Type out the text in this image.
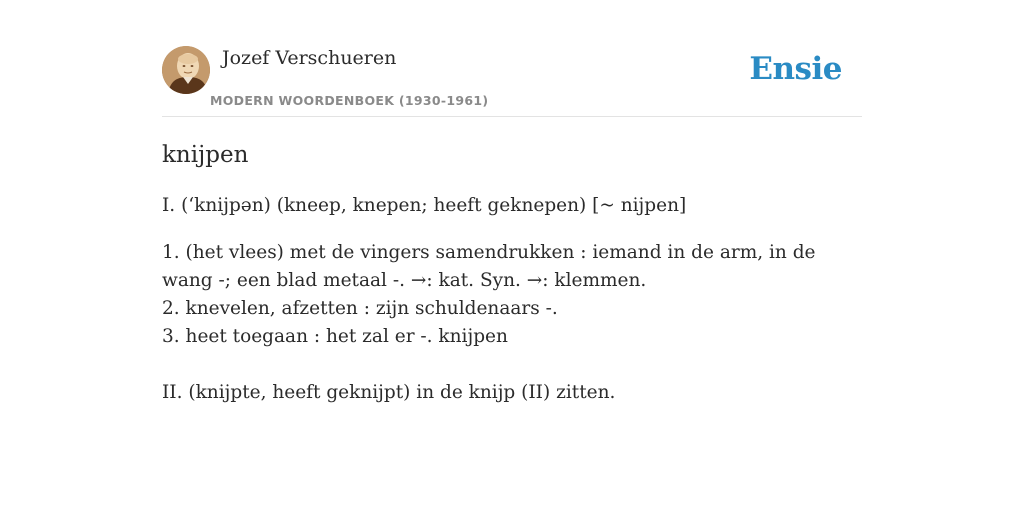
Jozef Verschueren
MODERN WOORDENBOEK (1930-1961)
Ensie
knijpen

I. (‘knijpən) (kneep, knepen; heeft geknepen) [~ nijpen]

1. (het vlees) met de vingers samendrukken : iemand in de arm, in de wang -; een blad metaal -. →: kat. Syn. →: klemmen.

2. knevelen, afzetten : zijn schuldenaars -.

3. heet toegaan : het zal er -. knijpen

II. (knijpte, heeft geknijpt) in de knijp (II) zitten.
